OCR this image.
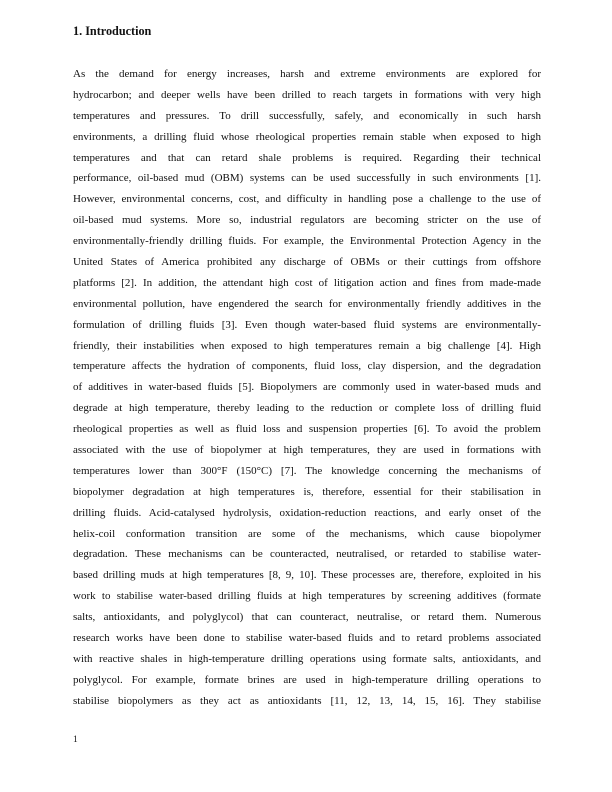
1. Introduction
As the demand for energy increases, harsh and extreme environments are explored for
hydrocarbon; and deeper wells have been drilled to reach targets in formations with very high
temperatures and pressures. To drill successfully, safely, and economically in such harsh
environments, a drilling fluid whose rheological properties remain stable when exposed to high
temperatures and that can retard shale problems is required. Regarding their technical
performance, oil-based mud (OBM) systems can be used successfully in such environments [1].
However, environmental concerns, cost, and difficulty in handling pose a challenge to the use of
oil-based mud systems. More so, industrial regulators are becoming stricter on the use of
environmentally-friendly drilling fluids. For example, the Environmental Protection Agency in the
United States of America prohibited any discharge of OBMs or their cuttings from offshore
platforms [2]. In addition, the attendant high cost of litigation action and fines from made-made
environmental pollution, have engendered the search for environmentally friendly additives in the
formulation of drilling fluids [3]. Even though water-based fluid systems are environmentally-
friendly, their instabilities when exposed to high temperatures remain a big challenge [4]. High
temperature affects the hydration of components, fluid loss, clay dispersion, and the degradation
of additives in water-based fluids [5]. Biopolymers are commonly used in water-based muds and
degrade at high temperature, thereby leading to the reduction or complete loss of drilling fluid
rheological properties as well as fluid loss and suspension properties [6]. To avoid the problem
associated with the use of biopolymer at high temperatures, they are used in formations with
temperatures lower than 300°F (150°C) [7]. The knowledge concerning the mechanisms of
biopolymer degradation at high temperatures is, therefore, essential for their stabilisation in
drilling fluids. Acid-catalysed hydrolysis, oxidation-reduction reactions, and early onset of the
helix-coil conformation transition are some of the mechanisms, which cause biopolymer
degradation. These mechanisms can be counteracted, neutralised, or retarded to stabilise water-
based drilling muds at high temperatures [8, 9, 10]. These processes are, therefore, exploited in his
work to stabilise water-based drilling fluids at high temperatures by screening additives (formate
salts, antioxidants, and polyglycol) that can counteract, neutralise, or retard them. Numerous
research works have been done to stabilise water-based fluids and to retard problems associated
with reactive shales in high-temperature drilling operations using formate salts, antioxidants, and
polyglycol. For example, formate brines are used in high-temperature drilling operations to
stabilise biopolymers as they act as antioxidants [11, 12, 13, 14, 15, 16]. They stabilise
1
